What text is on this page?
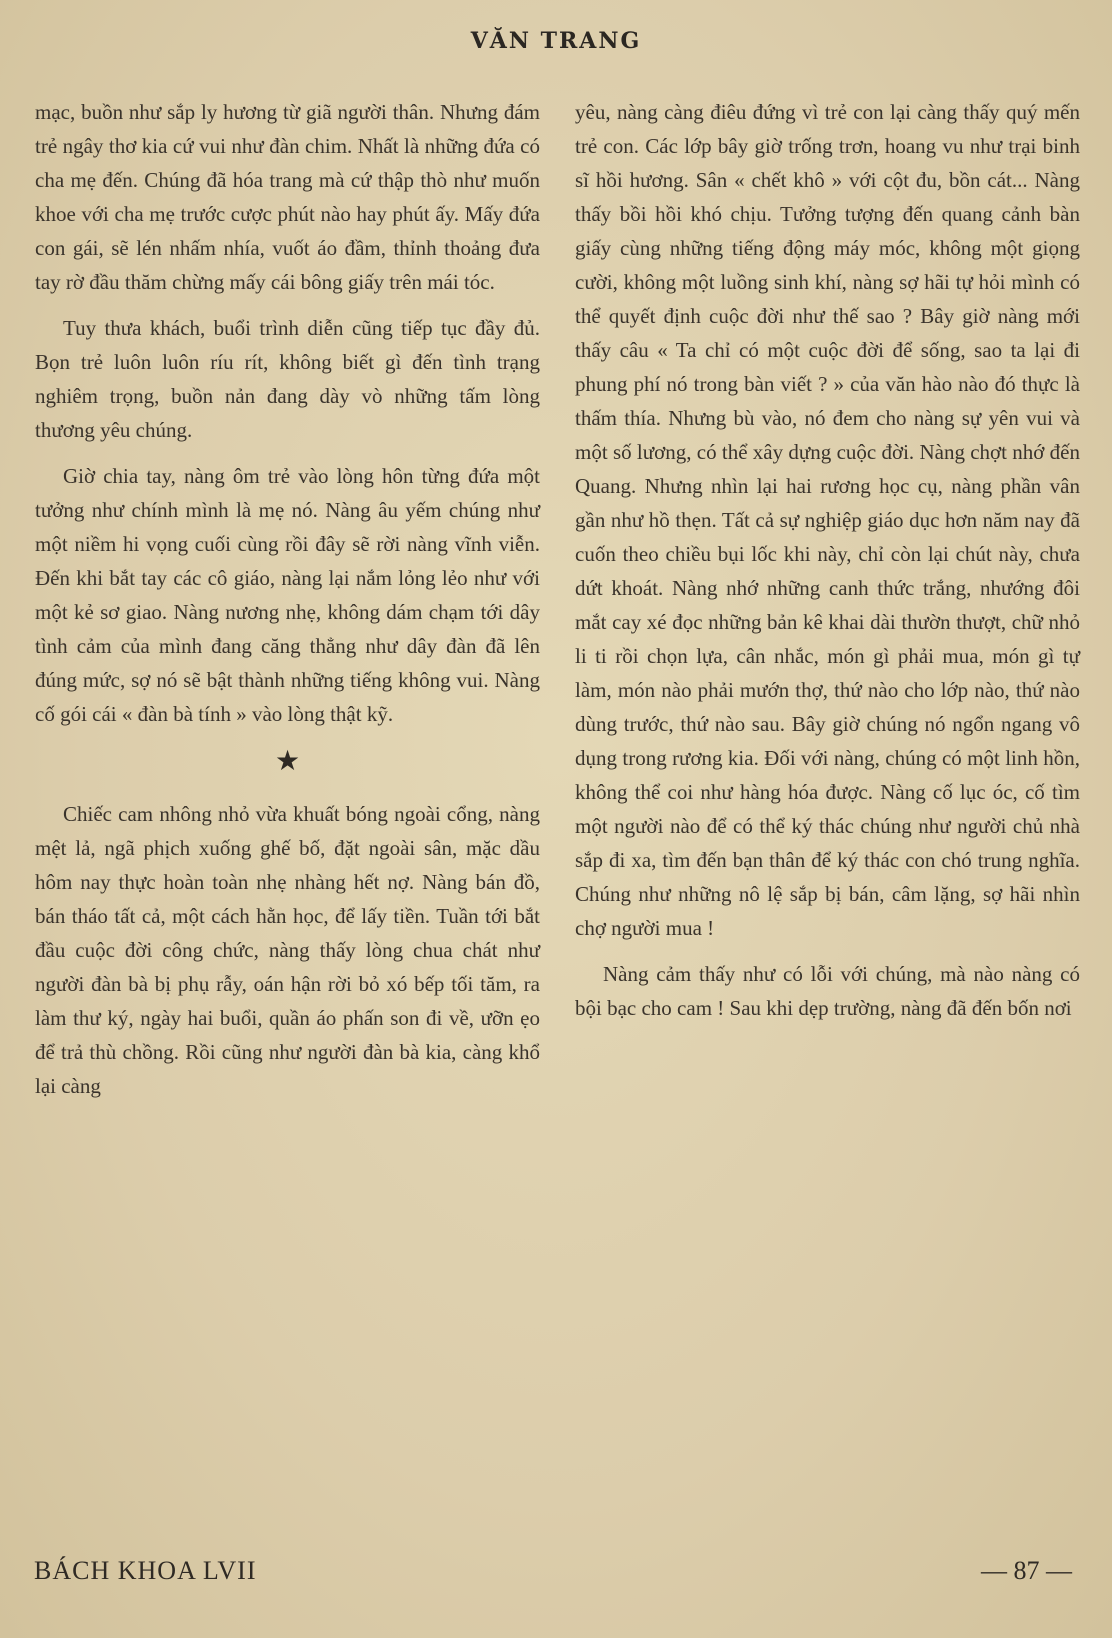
VĂN TRANG

mạc, buồn như sắp ly hương từ giã người thân. Nhưng đám trẻ ngây thơ kia cứ vui như đàn chim. Nhất là những đứa có cha mẹ đến. Chúng đã hóa trang mà cứ thập thò như muốn khoe với cha mẹ trước cược phút nào hay phút ấy. Mấy đứa con gái, sẽ lén nhấm nhía, vuốt áo đầm, thỉnh thoảng đưa tay rờ đầu thăm chừng mấy cái bông giấy trên mái tóc.

Tuy thưa khách, buổi trình diễn cũng tiếp tục đầy đủ. Bọn trẻ luôn luôn ríu rít, không biết gì đến tình trạng nghiêm trọng, buồn nản đang dày vò những tấm lòng thương yêu chúng.

Giờ chia tay, nàng ôm trẻ vào lòng hôn từng đứa một tưởng như chính mình là mẹ nó. Nàng âu yếm chúng như một niềm hi vọng cuối cùng rồi đây sẽ rời nàng vĩnh viễn. Đến khi bắt tay các cô giáo, nàng lại nắm lỏng lẻo như với một kẻ sơ giao. Nàng nương nhẹ, không dám chạm tới dây tình cảm của mình đang căng thẳng như dây đàn đã lên đúng mức, sợ nó sẽ bật thành những tiếng không vui. Nàng cố gói cái « đàn bà tính » vào lòng thật kỹ.

★

Chiếc cam nhông nhỏ vừa khuất bóng ngoài cổng, nàng mệt lả, ngã phịch xuống ghế bố, đặt ngoài sân, mặc dầu hôm nay thực hoàn toàn nhẹ nhàng hết nợ. Nàng bán đồ, bán tháo tất cả, một cách hằn học, để lấy tiền. Tuần tới bắt đầu cuộc đời công chức, nàng thấy lòng chua chát như người đàn bà bị phụ rẫy, oán hận rời bỏ xó bếp tối tăm, ra làm thư ký, ngày hai buổi, quần áo phấn son đi về, ưỡn ẹo để trả thù chồng. Rồi cũng như người đàn bà kia, càng khổ lại càng

yêu, nàng càng điêu đứng vì trẻ con lại càng thấy quý mến trẻ con. Các lớp bây giờ trống trơn, hoang vu như trại binh sĩ hồi hương. Sân « chết khô » với cột đu, bồn cát... Nàng thấy bồi hồi khó chịu. Tưởng tượng đến quang cảnh bàn giấy cùng những tiếng động máy móc, không một giọng cười, không một luồng sinh khí, nàng sợ hãi tự hỏi mình có thể quyết định cuộc đời như thế sao ? Bây giờ nàng mới thấy câu « Ta chỉ có một cuộc đời để sống, sao ta lại đi phung phí nó trong bàn viết ? » của văn hào nào đó thực là thấm thía. Nhưng bù vào, nó đem cho nàng sự yên vui và một số lương, có thể xây dựng cuộc đời. Nàng chợt nhớ đến Quang. Nhưng nhìn lại hai rương học cụ, nàng phần vân gần như hồ thẹn. Tất cả sự nghiệp giáo dục hơn năm nay đã cuốn theo chiều bụi lốc khi này, chỉ còn lại chút này, chưa dứt khoát. Nàng nhớ những canh thức trắng, nhướng đôi mắt cay xé đọc những bản kê khai dài thườn thượt, chữ nhỏ li ti rồi chọn lựa, cân nhắc, món gì phải mua, món gì tự làm, món nào phải mướn thợ, thứ nào cho lớp nào, thứ nào dùng trước, thứ nào sau. Bây giờ chúng nó ngổn ngang vô dụng trong rương kia. Đối với nàng, chúng có một linh hồn, không thể coi như hàng hóa được. Nàng cố lục óc, cố tìm một người nào để có thể ký thác chúng như người chủ nhà sắp đi xa, tìm đến bạn thân để ký thác con chó trung nghĩa. Chúng như những nô lệ sắp bị bán, câm lặng, sợ hãi nhìn chợ người mua !

Nàng cảm thấy như có lỗi với chúng, mà nào nàng có bội bạc cho cam ! Sau khi dẹp trường, nàng đã đến bốn nơi

BÁCH KHOA LVII	— 87 —
